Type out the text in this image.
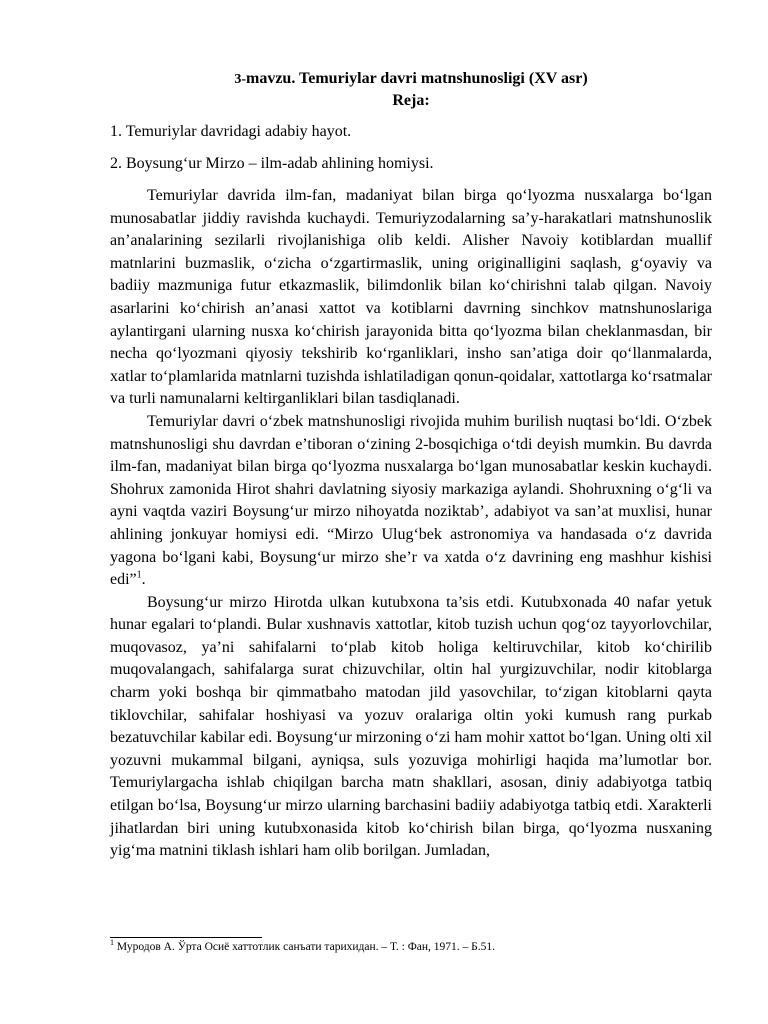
3-mavzu. Temuriylar davri matnshunosligi (XV asr)

Reja:

1. Temuriylar davridagi adabiy hayot.

2. Boysung‘ur Mirzo – ilm-adab ahlining homiysi.

Temuriylar davrida ilm-fan, madaniyat bilan birga qo‘lyozma nusxalarga bo‘lgan munosabatlar jiddiy ravishda kuchaydi. Temuriyzodalarning sa’y-harakatlari matnshunoslik an’analarining sezilarli rivojlanishiga olib keldi. Alisher Navoiy kotiblardan muallif matnlarini buzmaslik, o‘zicha o‘zgartirmaslik, uning originalligini saqlash, g‘oyaviy va badiiy mazmuniga futur etkazmaslik, bilimdonlik bilan ko‘chirishni talab qilgan. Navoiy asarlarini ko‘chirish an’anasi xattot va kotiblarni davrning sinchkov matnshunoslariga aylantirgani ularning nusxa ko‘chirish jarayonida bitta qo‘lyozma bilan cheklanmasdan, bir necha qo‘lyozmani qiyosiy tekshirib ko‘rganliklari, insho san’atiga doir qo‘llanmalarda, xatlar to‘plamlarida matnlarni tuzishda ishlatiladigan qonun-qoidalar, xattotlarga ko‘rsatmalar va turli namunalarni keltirganliklari bilan tasdiqlanadi.

Temuriylar davri o‘zbek matnshunosligi rivojida muhim burilish nuqtasi bo‘ldi. O‘zbek matnshunosligi shu davrdan e’tiboran o‘zining 2-bosqichiga o‘tdi deyish mumkin. Bu davrda ilm-fan, madaniyat bilan birga qo‘lyozma nusxalarga bo‘lgan munosabatlar keskin kuchaydi. Shohrux zamonida Hirot shahri davlatning siyosiy markaziga aylandi. Shohruxning o‘g‘li va ayni vaqtda vaziri Boysung‘ur mirzo nihoyatda noziktab’, adabiyot va san’at muxlisi, hunar ahlining jonkuyar homiysi edi. “Mirzo Ulug‘bek astronomiya va handasada o‘z davrida yagona bo‘lgani kabi, Boysung‘ur mirzo she’r va xatda o‘z davrining eng mashhur kishisi edi”$^1$.

Boysung‘ur mirzo Hirotda ulkan kutubxona ta’sis etdi. Kutubxonada 40 nafar yetuk hunar egalari to‘plandi. Bular xushnavis xattotlar, kitob tuzish uchun qog‘oz tayyorlovchilar, muqovasoz, ya’ni sahifalarni to‘plab kitob holiga keltiruvchilar, kitob ko‘chirilib muqovalangach, sahifalarga surat chizuvchilar, oltin hal yurgizuvchilar, nodir kitoblarga charm yoki boshqa bir qimmatbaho matodan jild yasovchilar, to‘zigan kitoblarni qayta tiklovchilar, sahifalar hoshiyasi va yozuv oralariga oltin yoki kumush rang purkab bezatuvchilar kabilar edi. Boysung‘ur mirzoning o‘zi ham mohir xattot bo‘lgan. Uning olti xil yozuvni mukammal bilgani, ayniqsa, suls yozuviga mohirligi haqida ma’lumotlar bor. Temuriylargacha ishlab chiqilgan barcha matn shakllari, asosan, diniy adabiyotga tatbiq etilgan bo‘lsa, Boysung‘ur mirzo ularning barchasini badiiy adabiyotga tatbiq etdi. Xarakterli jihatlardan biri uning kutubxonasida kitob ko‘chirish bilan birga, qo‘lyozma nusxaning yig‘ma matnini tiklash ishlari ham olib borilgan. Jumladan,

$^1$ Муродов А. Ўрта Осиё хаттотлик санъати тарихидан. – Т. : Фан, 1971. – Б.51.
